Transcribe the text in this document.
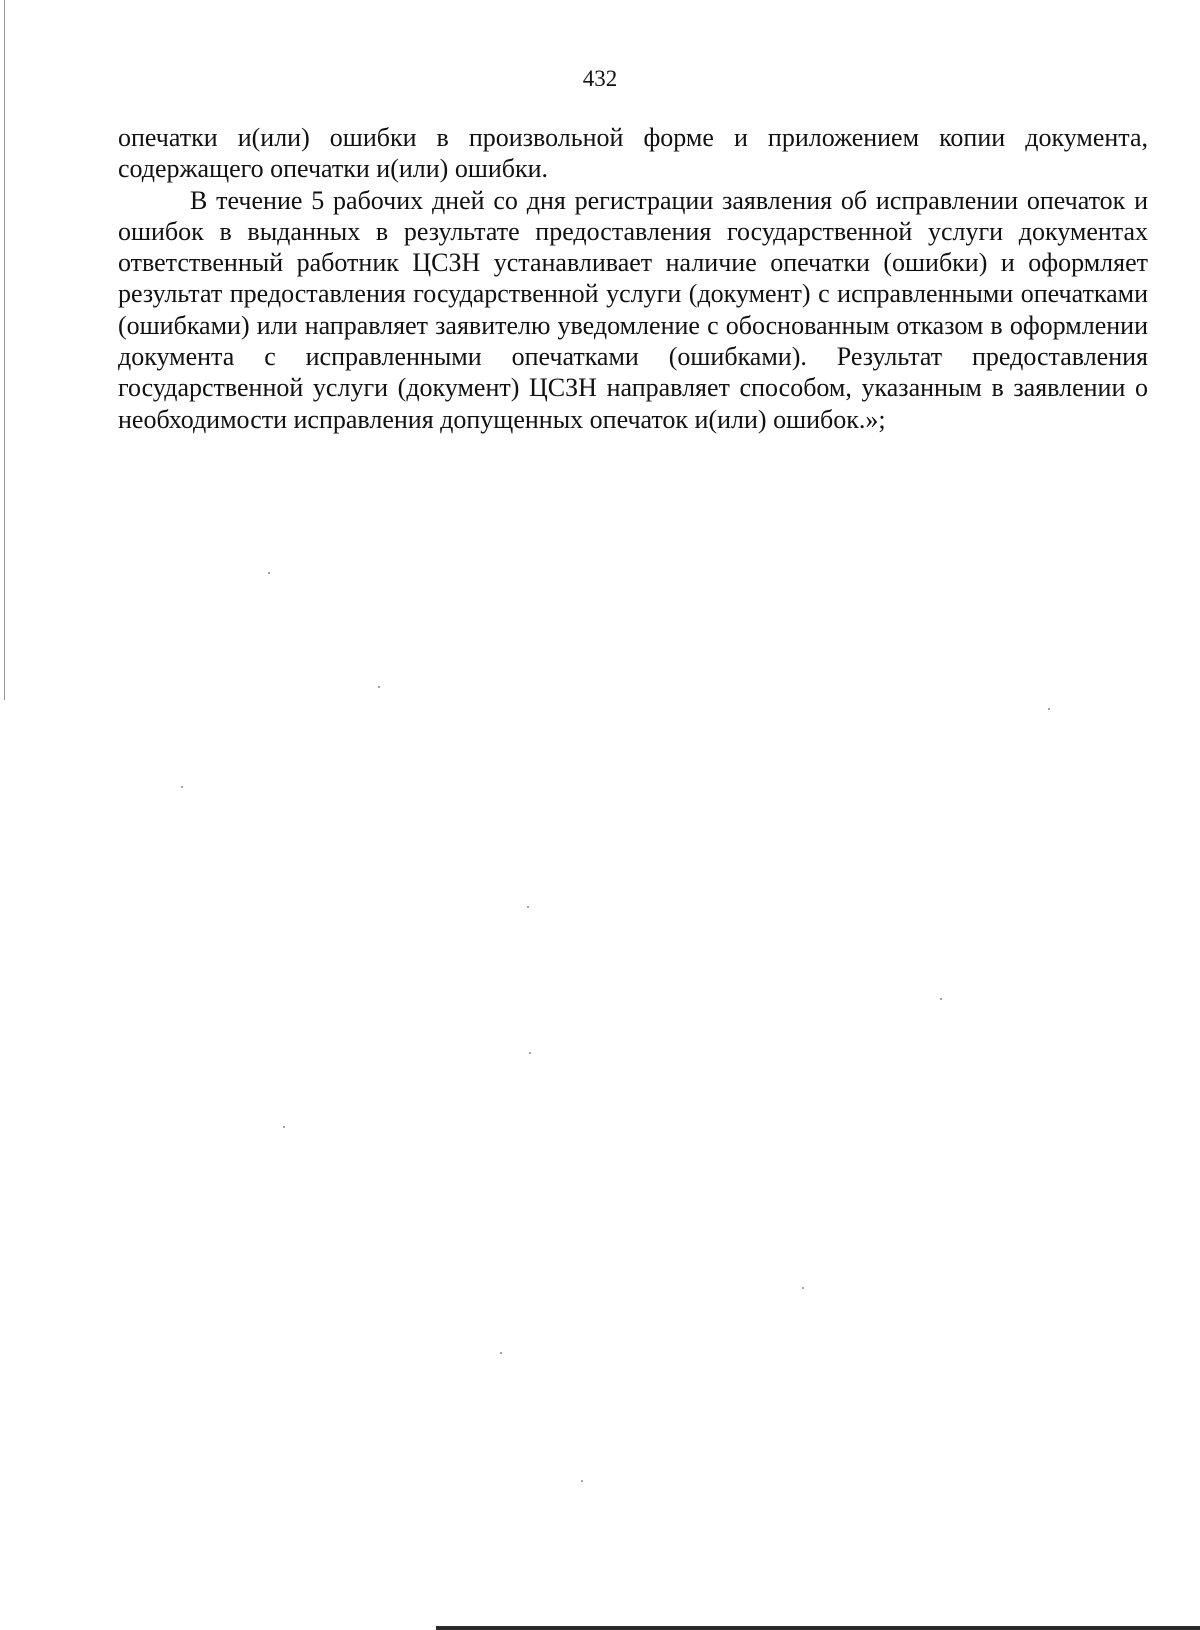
432

опечатки и(или) ошибки в произвольной форме и приложением копии документа, содержащего опечатки и(или) ошибки.

В течение 5 рабочих дней со дня регистрации заявления об исправлении опечаток и ошибок в выданных в результате предоставления государственной услуги документах ответственный работник ЦСЗН устанавливает наличие опечатки (ошибки) и оформляет результат предоставления государственной услуги (документ) с исправленными опечатками (ошибками) или направляет заявителю уведомление с обоснованным отказом в оформлении документа с исправленными опечатками (ошибками). Результат предоставления государственной услуги (документ) ЦСЗН направляет способом, указанным в заявлении о необходимости исправления допущенных опечаток и(или) ошибок.»;
